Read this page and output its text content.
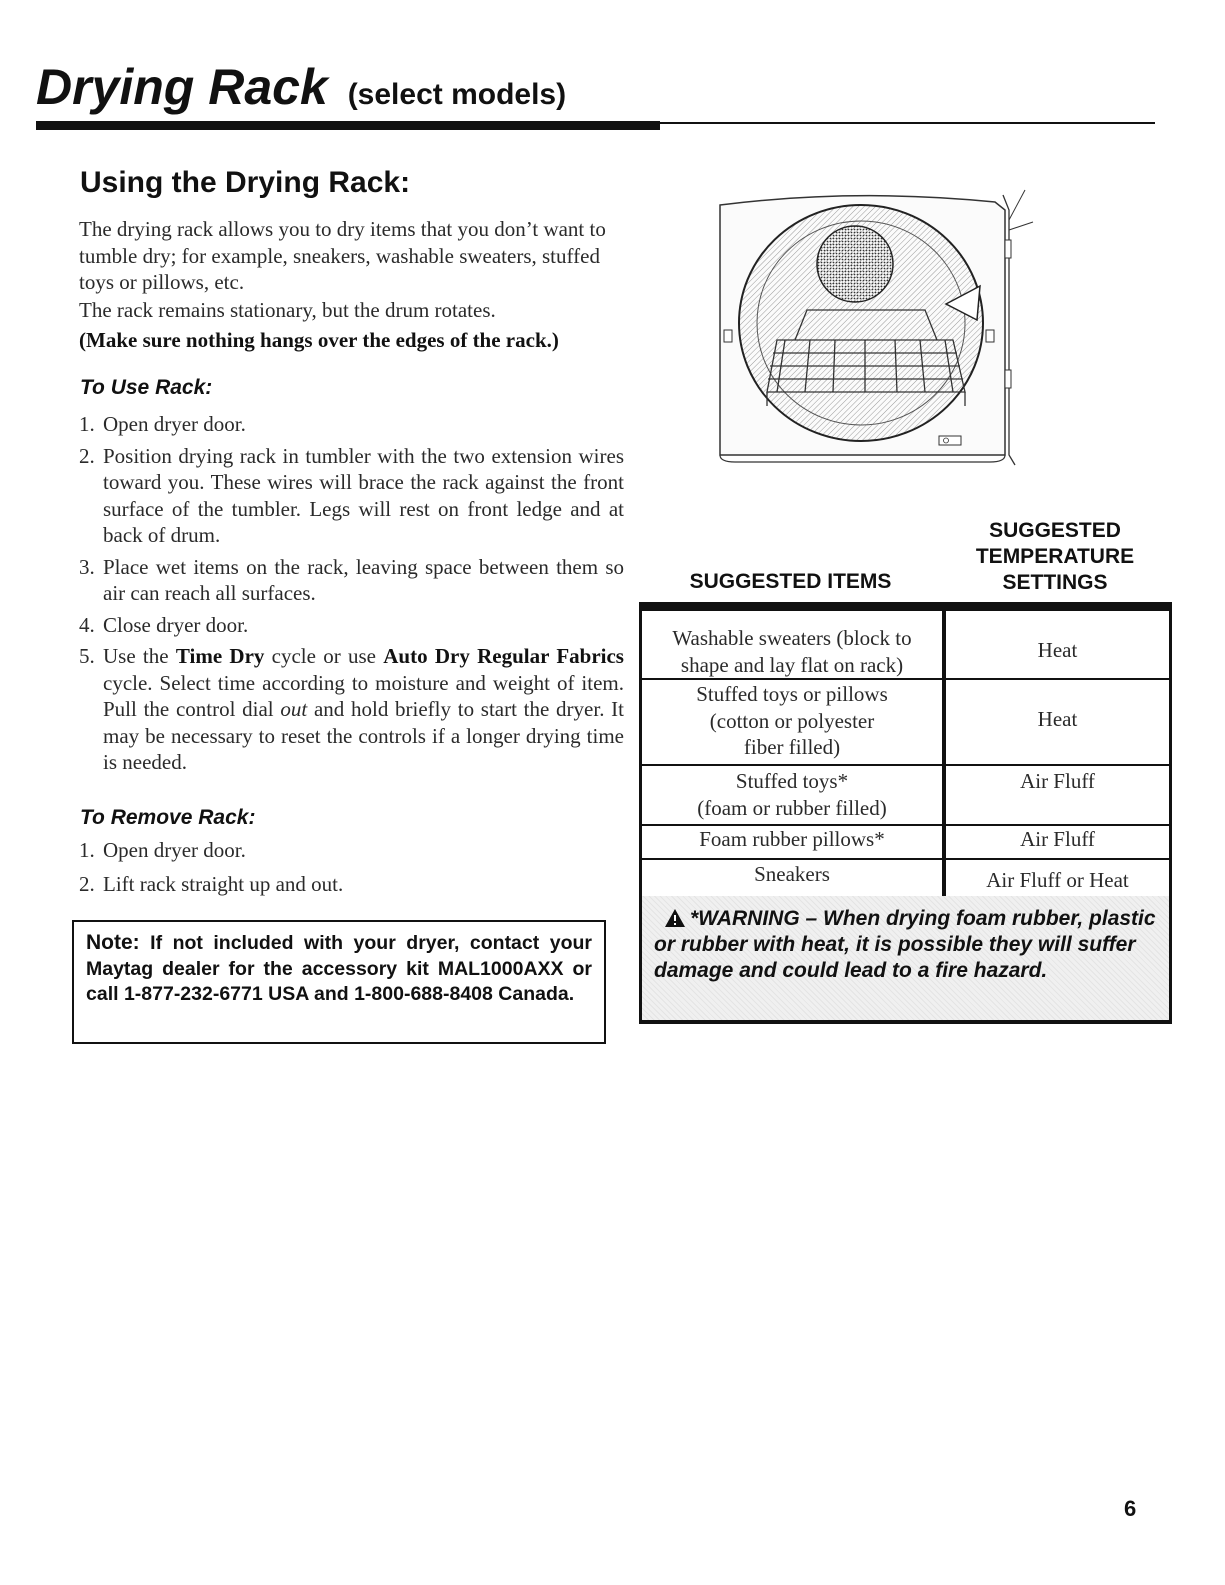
Drying Rack (select models)
Using the Drying Rack:

The drying rack allows you to dry items that you don’t want to tumble dry; for example, sneakers, washable sweaters, stuffed toys or pillows, etc.

The rack remains stationary, but the drum rotates.

(Make sure nothing hangs over the edges of the rack.)

To Use Rack:
1. Open dryer door.
2. Position drying rack in tumbler with the two extension wires toward you. These wires will brace the rack against the front surface of the tumbler. Legs will rest on front ledge and at back of drum.
3. Place wet items on the rack, leaving space between them so air can reach all surfaces.
4. Close dryer door.
5. Use the Time Dry cycle or use Auto Dry Regular Fabrics cycle. Select time according to moisture and weight of item. Pull the control dial out and hold briefly to start the dryer. It may be necessary to reset the controls if a longer drying time is needed.
To Remove Rack:
1. Open dryer door.
2. Lift rack straight up and out.
Note: If not included with your dryer, contact your Maytag dealer for the accessory kit MAL1000AXX or call 1-877-232-6771 USA and 1-800-688-8408 Canada.
SUGGESTED ITEMS
SUGGESTED
TEMPERATURE
SETTINGS
Washable sweaters (block to
shape and lay flat on rack)	Heat

Stuffed toys or pillows
(cotton or polyester
fiber filled)	Heat

Stuffed toys*
(foam or rubber filled)	Air Fluff

Foam rubber pillows*	Air Fluff

Sneakers	Air Fluff or Heat
*WARNING – When drying foam rubber, plastic or rubber with heat, it is possible they will suffer damage and could lead to a fire hazard.
6
